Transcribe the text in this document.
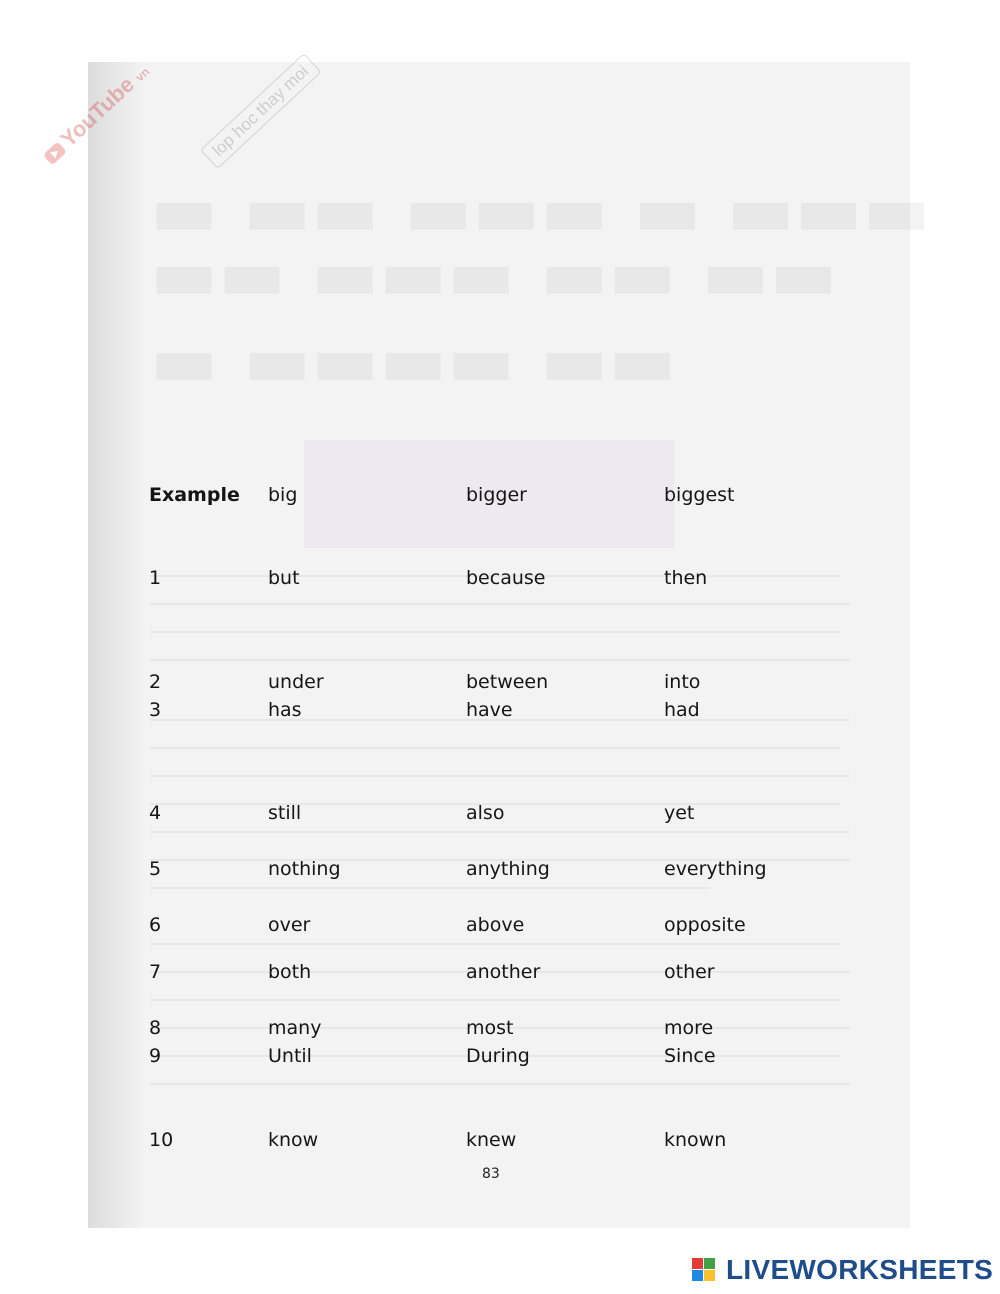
▬ ▬▬ ▬▬▬ ▬ ▬▬▬
▬▬ ▬▬▬ ▬▬ ▬▬
▬ ▬▬▬▬ ▬▬
YouTube vn	lop hoc thay moi
Example big	bigger	biggest
1	but	because	then
2	under	between	into
3	has	have	had
4	still	also	yet
5	nothing	anything	everything
6	over	above	opposite
7	both	another	other
8	many	most	more
9	Until	During	Since
10	know	knew	known
83
LIVEWORKSHEETS
